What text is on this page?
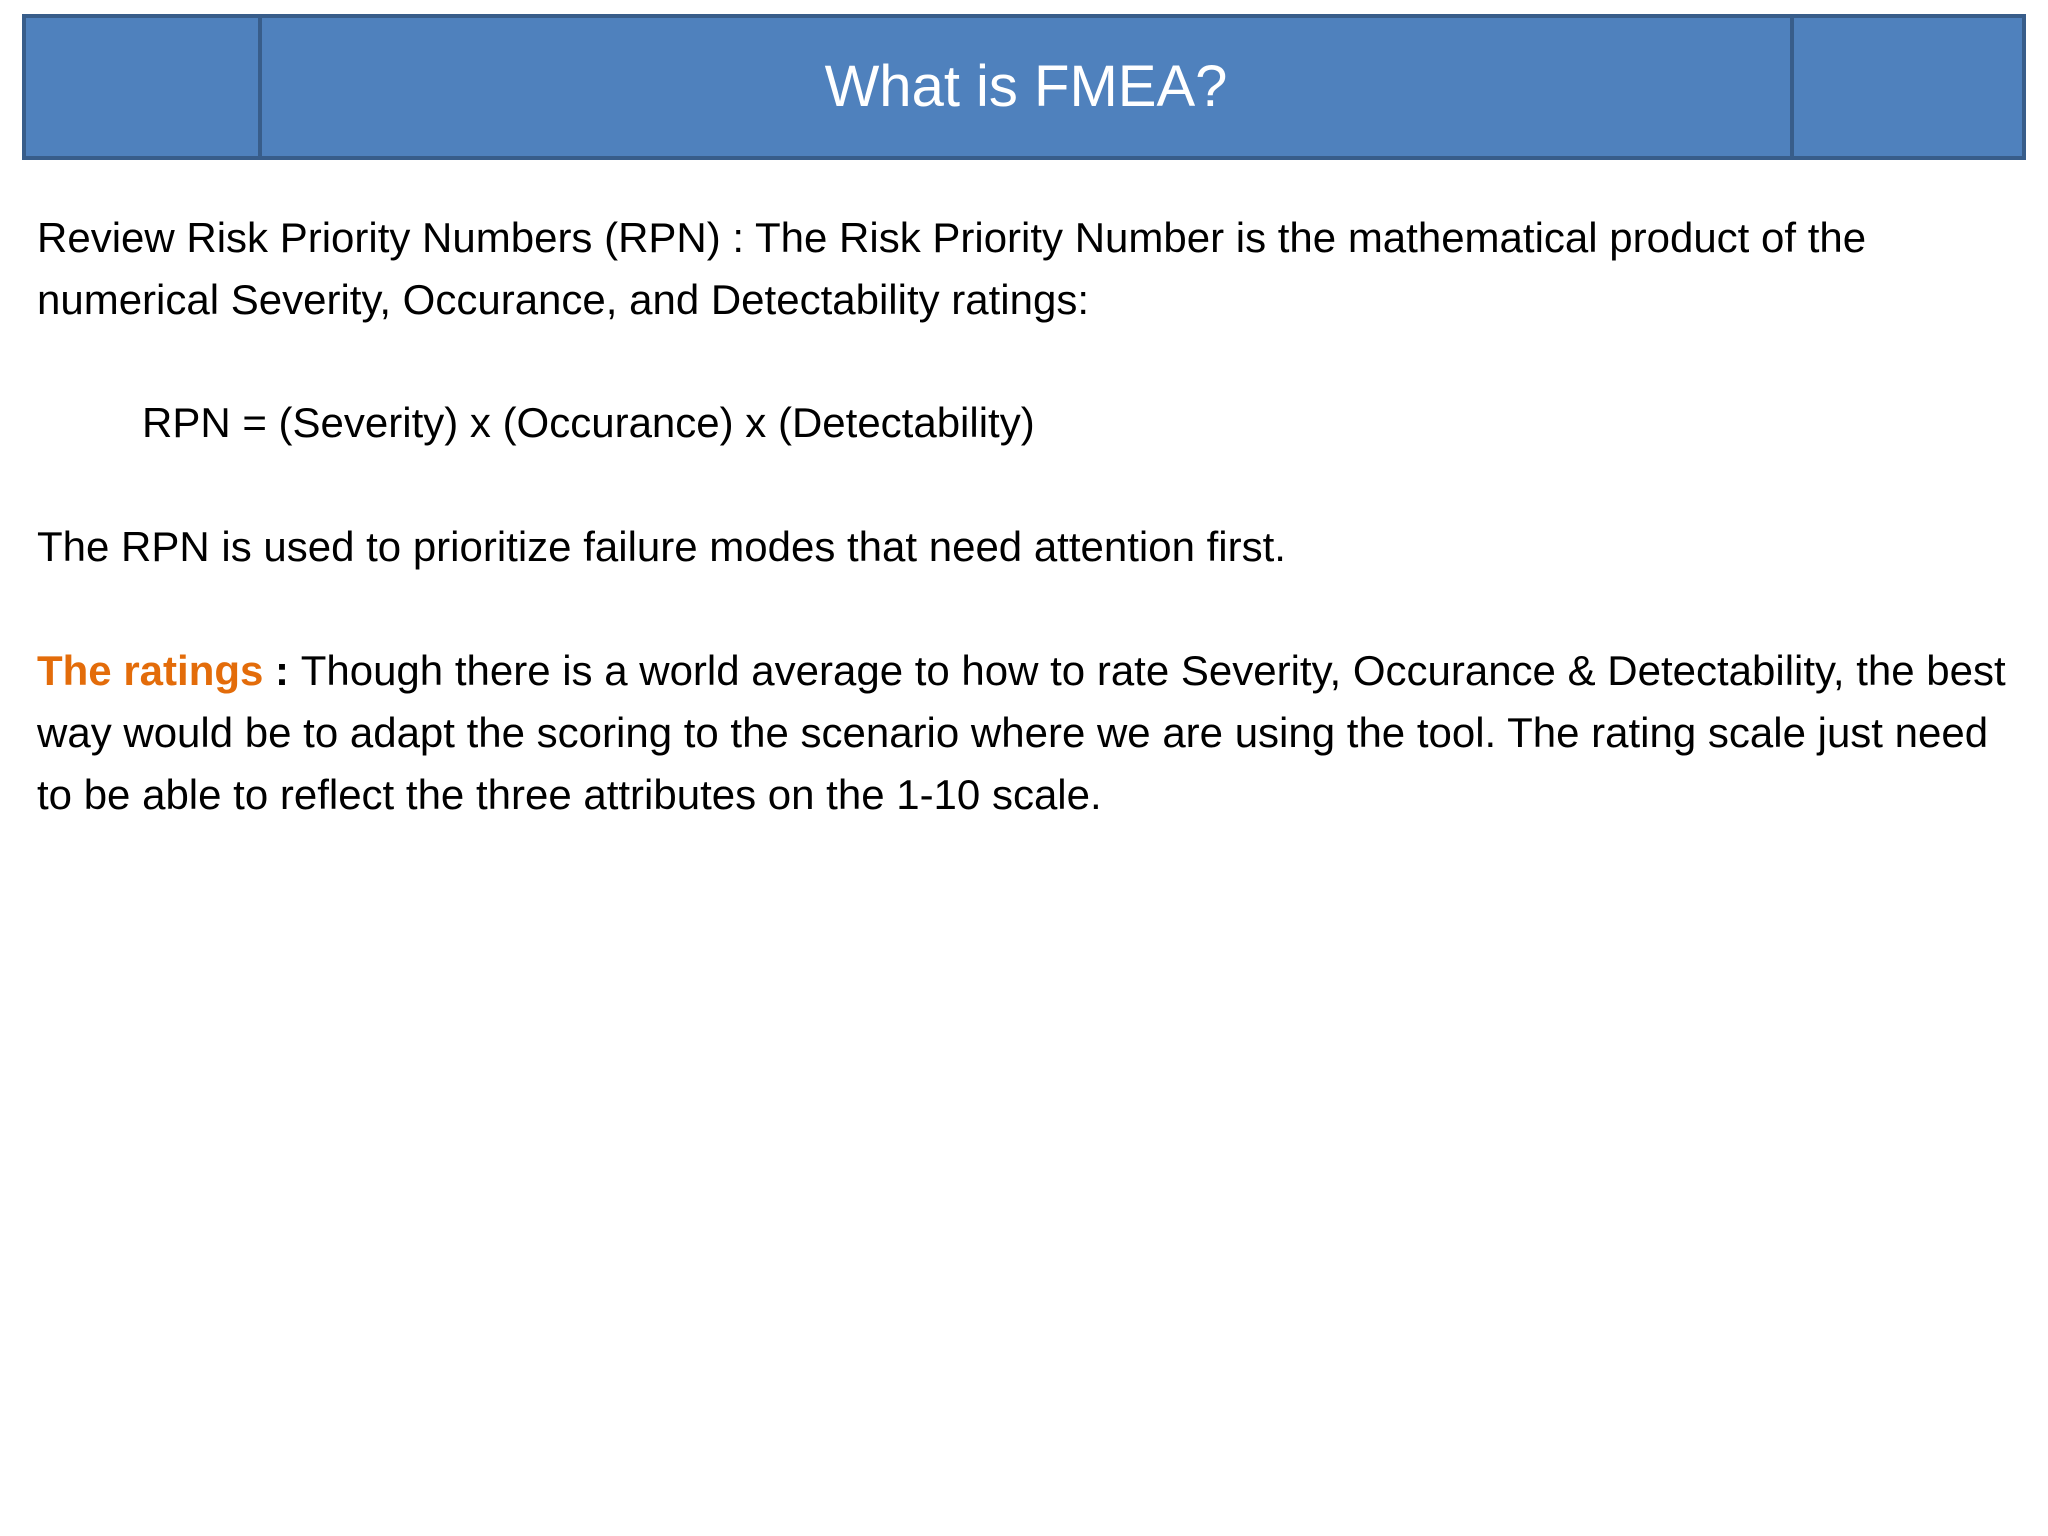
What is FMEA?

Review Risk Priority Numbers (RPN) : The Risk Priority Number is the mathematical product of the numerical Severity, Occurance, and Detectability ratings:

RPN = (Severity) x (Occurance) x (Detectability)

The RPN is used to prioritize failure modes that need attention first.

The ratings : Though there is a world average to how to rate Severity, Occurance & Detectability, the best way would be to adapt the scoring to the scenario where we are using the tool. The rating scale just need to be able to reflect the three attributes on the 1-10 scale.
